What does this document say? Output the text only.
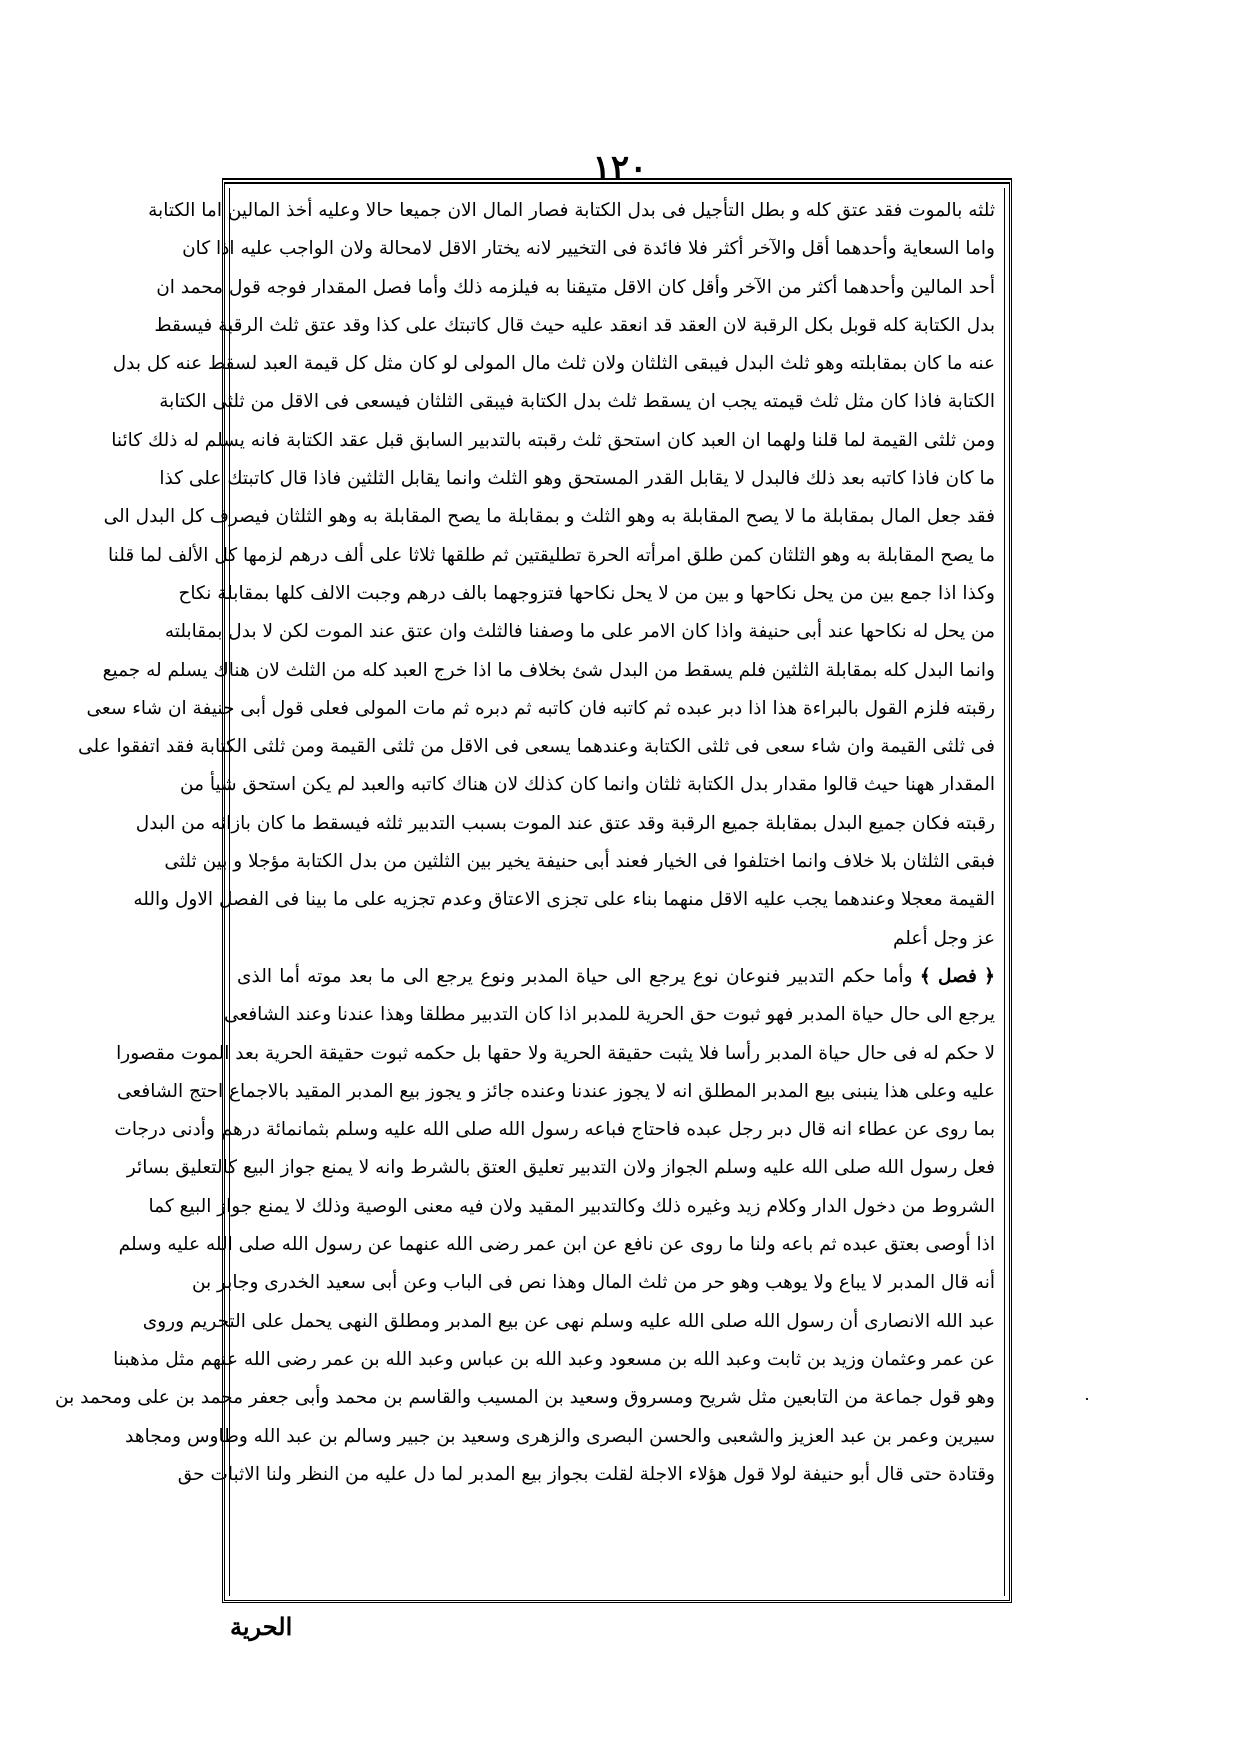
١٢٠
ثلثه بالموت فقد عتق كله و بطل التأجيل فى بدل الكتابة فصار المال الان جميعا حالا وعليه أخذ المالين اما الكتابة
واما السعاية وأحدهما أقل والآخر أكثر فلا فائدة فى التخيير لانه يختار الاقل لامحالة ولان الواجب عليه اذا كان
أحد المالين وأحدهما أكثر من الآخر وأقل كان الاقل متيقنا به فيلزمه ذلك وأما فصل المقدار فوجه قول محمد ان
بدل الكتابة كله قوبل بكل الرقبة لان العقد قد انعقد عليه حيث قال كاتبتك على كذا وقد عتق ثلث الرقبة فيسقط
عنه ما كان بمقابلته وهو ثلث البدل فيبقى الثلثان ولان ثلث مال المولى لو كان مثل كل قيمة العبد لسقط عنه كل بدل
الكتابة فاذا كان مثل ثلث قيمته يجب ان يسقط ثلث بدل الكتابة فيبقى الثلثان فيسعى فى الاقل من ثلثى الكتابة
ومن ثلثى القيمة لما قلنا ولهما ان العبد كان استحق ثلث رقبته بالتدبير السابق قبل عقد الكتابة فانه يسلم له ذلك كائنا
ما كان فاذا كاتبه بعد ذلك فالبدل لا يقابل القدر المستحق وهو الثلث وانما يقابل الثلثين فاذا قال كاتبتك على كذا
فقد جعل المال بمقابلة ما لا يصح المقابلة به وهو الثلث و بمقابلة ما يصح المقابلة به وهو الثلثان فيصرف كل البدل الى
ما يصح المقابلة به وهو الثلثان كمن طلق امرأته الحرة تطليقتين ثم طلقها ثلاثا على ألف درهم لزمها كل الألف لما قلنا
وكذا اذا جمع بين من يحل نكاحها و بين من لا يحل نكاحها فتزوجهما بالف درهم وجبت الالف كلها بمقابلة نكاح
من يحل له نكاحها عند أبى حنيفة واذا كان الامر على ما وصفنا فالثلث وان عتق عند الموت لكن لا بدل بمقابلته
وانما البدل كله بمقابلة الثلثين فلم يسقط من البدل شئ بخلاف ما اذا خرج العبد كله من الثلث لان هناك يسلم له جميع
رقبته فلزم القول بالبراءة هذا اذا دبر عبده ثم كاتبه فان كاتبه ثم دبره ثم مات المولى فعلى قول أبى حنيفة ان شاء سعى
فى ثلثى القيمة وان شاء سعى فى ثلثى الكتابة وعندهما يسعى فى الاقل من ثلثى القيمة ومن ثلثى الكتابة فقد اتفقوا على
المقدار ههنا حيث قالوا مقدار بدل الكتابة ثلثان وانما كان كذلك لان هناك كاتبه والعبد لم يكن استحق شيأ من
رقبته فكان جميع البدل بمقابلة جميع الرقبة وقد عتق عند الموت بسبب التدبير ثلثه فيسقط ما كان بازائه من البدل
فبقى الثلثان بلا خلاف وانما اختلفوا فى الخيار فعند أبى حنيفة يخير بين الثلثين من بدل الكتابة مؤجلا و بين ثلثى
القيمة معجلا وعندهما يجب عليه الاقل منهما بناء على تجزى الاعتاق وعدم تجزيه على ما بينا فى الفصل الاول والله
عز وجل أعلم
﴿ فصل ﴾ وأما حكم التدبير فنوعان نوع يرجع الى حياة المدبر ونوع يرجع الى ما بعد موته أما الذى
يرجع الى حال حياة المدبر فهو ثبوت حق الحرية للمدبر اذا كان التدبير مطلقا وهذا عندنا وعند الشافعى
لا حكم له فى حال حياة المدبر رأسا فلا يثبت حقيقة الحرية ولا حقها بل حكمه ثبوت حقيقة الحرية بعد الموت مقصورا
عليه وعلى هذا ينبنى بيع المدبر المطلق انه لا يجوز عندنا وعنده جائز و يجوز بيع المدبر المقيد بالاجماع احتج الشافعى
بما روى عن عطاء انه قال دبر رجل عبده فاحتاج فباعه رسول الله صلى الله عليه وسلم بثمانمائة درهم وأدنى درجات
فعل رسول الله صلى الله عليه وسلم الجواز ولان التدبير تعليق العتق بالشرط وانه لا يمنع جواز البيع كالتعليق بسائر
الشروط من دخول الدار وكلام زيد وغيره ذلك وكالتدبير المقيد ولان فيه معنى الوصية وذلك لا يمنع جواز البيع كما
اذا أوصى بعتق عبده ثم باعه ولنا ما روى عن نافع عن ابن عمر رضى الله عنهما عن رسول الله صلى الله عليه وسلم
أنه قال المدبر لا يباع ولا يوهب وهو حر من ثلث المال وهذا نص فى الباب وعن أبى سعيد الخدرى وجابر بن
عبد الله الانصارى أن رسول الله صلى الله عليه وسلم نهى عن بيع المدبر ومطلق النهى يحمل على التحريم وروى
عن عمر وعثمان وزيد بن ثابت وعبد الله بن مسعود وعبد الله بن عباس وعبد الله بن عمر رضى الله عنهم مثل مذهبنا
وهو قول جماعة من التابعين مثل شريح ومسروق وسعيد بن المسيب والقاسم بن محمد وأبى جعفر محمد بن على ومحمد بن
سيرين وعمر بن عبد العزيز والشعبى والحسن البصرى والزهرى وسعيد بن جبير وسالم بن عبد الله وطاوس ومجاهد
وقتادة حتى قال أبو حنيفة لولا قول هؤلاء الاجلة لقلت بجواز بيع المدبر لما دل عليه من النظر ولنا الاثبات حق
الحرية
